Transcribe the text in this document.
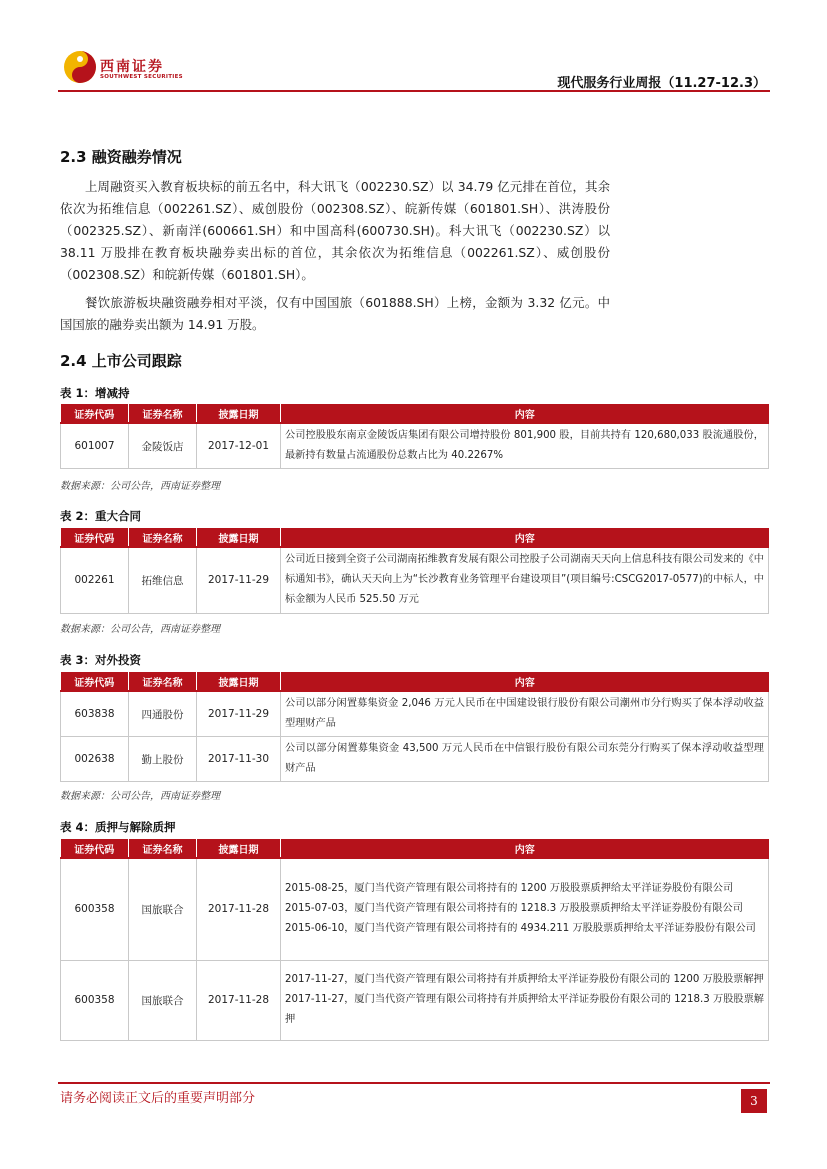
西南证券
SOUTHWEST SECURITIES	现代服务行业周报（11.27-12.3）
2.3 融资融券情况
上周融资买入教育板块标的前五名中，科大讯飞（002230.SZ）以 34.79 亿元排在首位，其余依次为拓维信息（002261.SZ）、威创股份（002308.SZ）、皖新传媒（601801.SH）、洪涛股份（002325.SZ）、新南洋(600661.SH）和中国高科(600730.SH)。科大讯飞（002230.SZ）以 38.11 万股排在教育板块融券卖出标的首位，其余依次为拓维信息（002261.SZ）、威创股份（002308.SZ）和皖新传媒（601801.SH）。
餐饮旅游板块融资融券相对平淡，仅有中国国旅（601888.SH）上榜，金额为 3.32 亿元。中国国旅的融券卖出额为 14.91 万股。
2.4 上市公司跟踪
表 1：增减持
证券代码	证券名称	披露日期	内容
601007	金陵饭店	2017-12-01	公司控股股东南京金陵饭店集团有限公司增持股份 801,900 股，目前共持有 120,680,033 股流通股份，最新持有数量占流通股份总数占比为 40.2267%

数据来源：公司公告，西南证券整理
表 2：重大合同
证券代码	证券名称	披露日期	内容
002261	拓维信息	2017-11-29	公司近日接到全资子公司湖南拓维教育发展有限公司控股子公司湖南天天向上信息科技有限公司发来的《中标通知书》，确认天天向上为“长沙教育业务管理平台建设项目”(项目编号:CSCG2017-0577)的中标人，中标金额为人民币 525.50 万元

数据来源：公司公告，西南证券整理
表 3：对外投资
证券代码	证券名称	披露日期	内容
603838	四通股份	2017-11-29	公司以部分闲置募集资金 2,046 万元人民币在中国建设银行股份有限公司潮州市分行购买了保本浮动收益型理财产品

002638	勤上股份	2017-11-30	公司以部分闲置募集资金 43,500 万元人民币在中信银行股份有限公司东莞分行购买了保本浮动收益型理财产品

数据来源：公司公告，西南证券整理
表 4：质押与解除质押
证券代码	证券名称	披露日期	内容
600358	国旅联合	2017-11-28	2015-08-25，厦门当代资产管理有限公司将持有的 1200 万股股票质押给太平洋证券股份有限公司

2015-07-03，厦门当代资产管理有限公司将持有的 1218.3 万股股票质押给太平洋证券股份有限公司

2015-06-10，厦门当代资产管理有限公司将持有的 4934.211 万股股票质押给太平洋证券股份有限公司

600358	国旅联合	2017-11-28	2017-11-27，厦门当代资产管理有限公司将持有并质押给太平洋证券股份有限公司的 1200 万股股票解押

2017-11-27，厦门当代资产管理有限公司将持有并质押给太平洋证券股份有限公司的 1218.3 万股股票解押

请务必阅读正文后的重要声明部分	3
